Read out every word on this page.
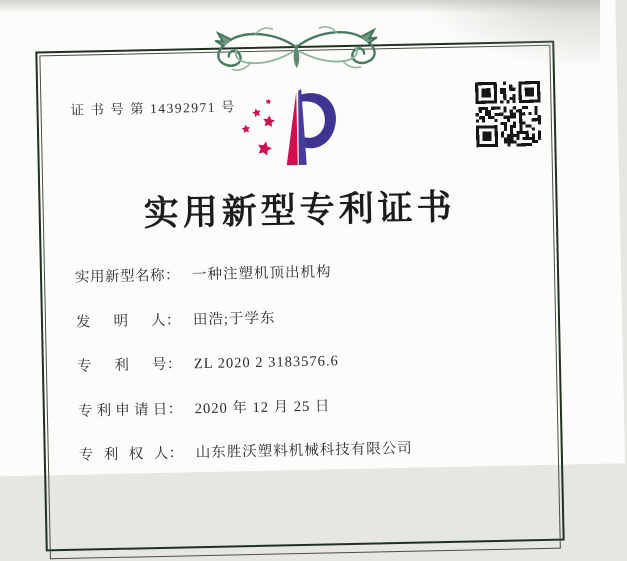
证 书 号 第 14392971 号
实用新型专利证书
实用新型名称 ： 一种注塑机顶出机构
发明人 ： 田浩;于学东
专利号 ： ZL 2020 2 3183576.6
专利申请日 ： 2020 年 12 月 25 日
专利权人 ： 山东胜沃塑料机械科技有限公司
